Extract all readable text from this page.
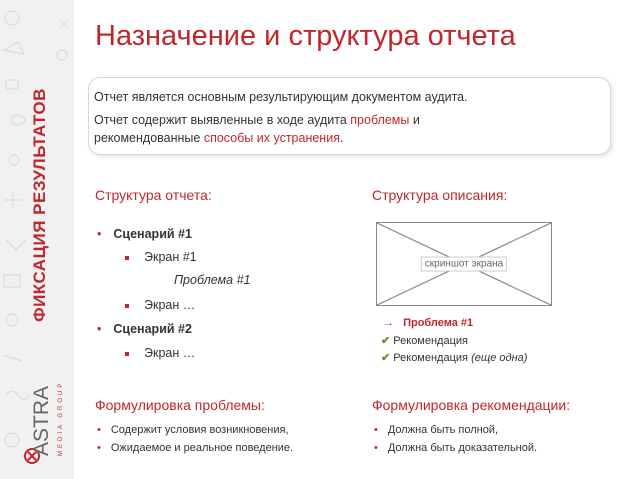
ФИКСАЦИЯ РЕЗУЛЬТАТОВ
ASTRA MEDIA GROUP
Назначение и структура отчета

Отчет является основным результирующим документом аудита.

Отчет содержит выявленные в ходе аудита проблемы и рекомендованные способы их устранения.

Структура отчета:
• Сценарий #1
Экран #1
Проблема #1
Экран …
• Сценарий #2
Экран …
Структура описания:
скриншот экрана
→ Проблема #1
✔ Рекомендация
✔ Рекомендация (еще одна)
Формулировка проблемы:
• Содержит условия возникновения,
• Ожидаемое и реальное поведение.
Формулировка рекомендации:
• Должна быть полной,
• Должна быть доказательной.
